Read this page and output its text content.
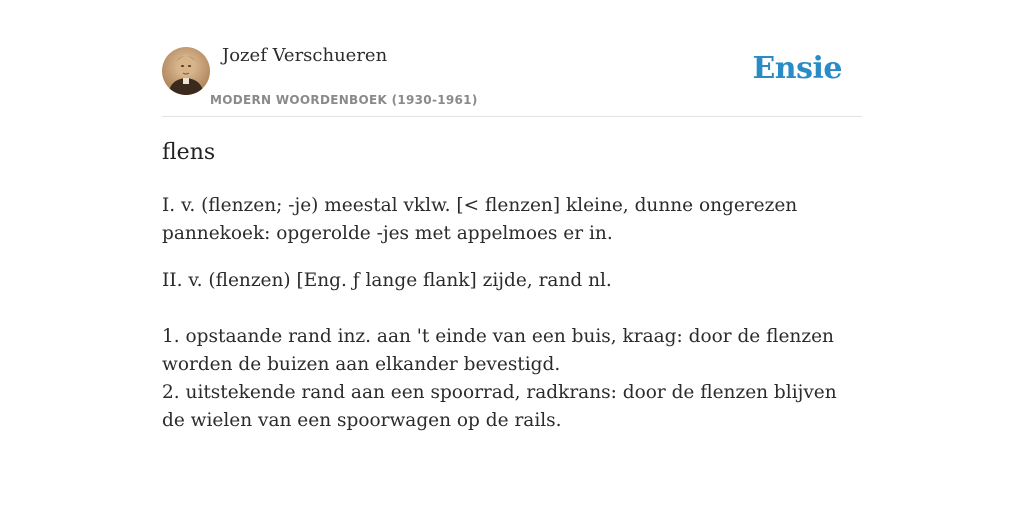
Jozef Verschueren
MODERN WOORDENBOEK (1930-1961)
Ensie
flens

I. v. (flenzen; -je) meestal vklw. [< flenzen] kleine, dunne ongerezen pannekoek: opgerolde -jes met appelmoes er in.

II. v. (flenzen) [Eng. ƒ lange flank] zijde, rand nl.

1. opstaande rand inz. aan 't einde van een buis, kraag: door de flenzen worden de buizen aan elkander bevestigd.

2. uitstekende rand aan een spoorrad, radkrans: door de flenzen blijven de wielen van een spoorwagen op de rails.
